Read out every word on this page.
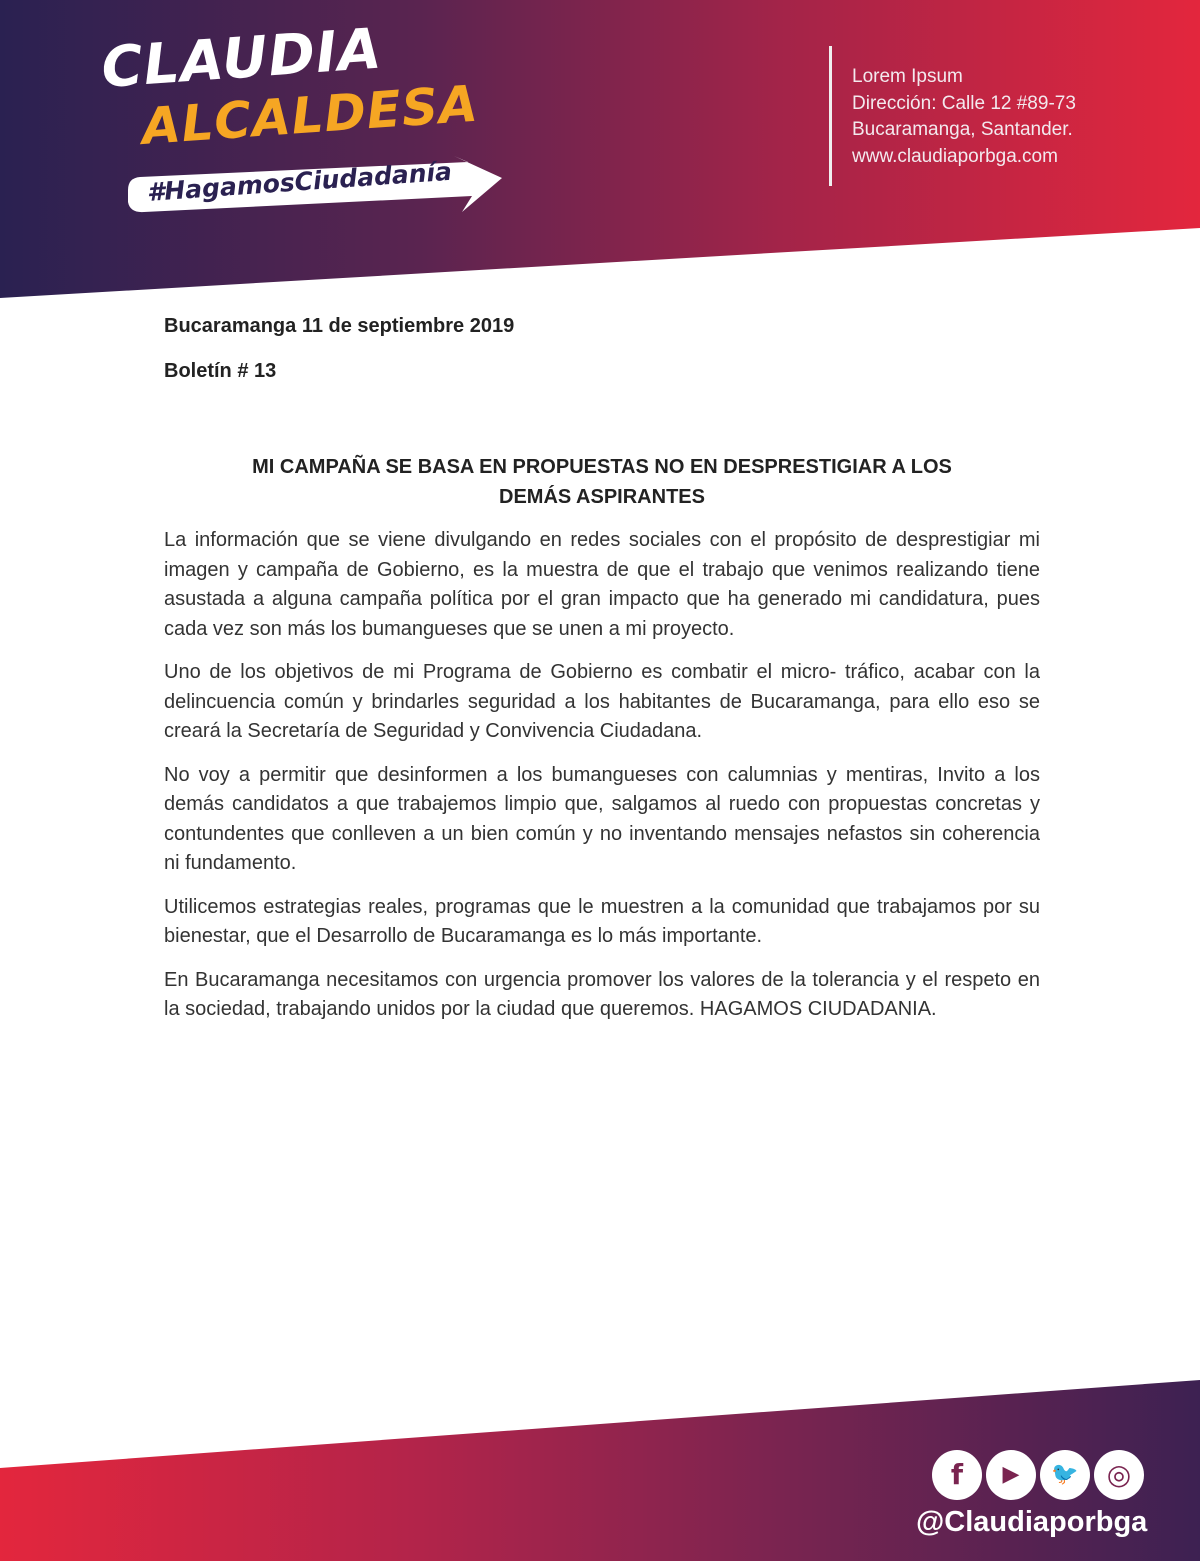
CLAUDIA
ALCALDESA
#HagamosCiudadanía
Lorem Ipsum
Dirección: Calle 12 #89-73
Bucaramanga, Santander.
www.claudiaporbga.com
Bucaramanga 11 de septiembre 2019
Boletín # 13
MI CAMPAÑA SE BASA EN PROPUESTAS NO EN DESPRESTIGIAR A LOS
DEMÁS ASPIRANTES

La información que se viene divulgando en redes sociales con el propósito de desprestigiar mi imagen y campaña de Gobierno, es la muestra de que el trabajo que venimos realizando tiene asustada a alguna campaña política por el gran impacto que ha generado mi candidatura, pues cada vez son más los bumangueses que se unen a mi proyecto.

Uno de los objetivos de mi Programa de Gobierno es combatir el micro- tráfico, acabar con la delincuencia común y brindarles seguridad a los habitantes de Bucaramanga, para ello eso se creará la Secretaría de Seguridad y Convivencia Ciudadana.

No voy a permitir que desinformen a los bumangueses con calumnias y mentiras, Invito a los demás candidatos a que trabajemos limpio que, salgamos al ruedo con propuestas concretas y contundentes que conlleven a un bien común y no inventando mensajes nefastos sin coherencia ni fundamento.

Utilicemos estrategias reales, programas que le muestren a la comunidad que trabajamos por su bienestar, que el Desarrollo de Bucaramanga es lo más importante.

En Bucaramanga necesitamos con urgencia promover los valores de la tolerancia y el respeto en la sociedad, trabajando unidos por la ciudad que queremos. HAGAMOS CIUDADANIA.

f	▶	🐦	◎
@Claudiaporbga
